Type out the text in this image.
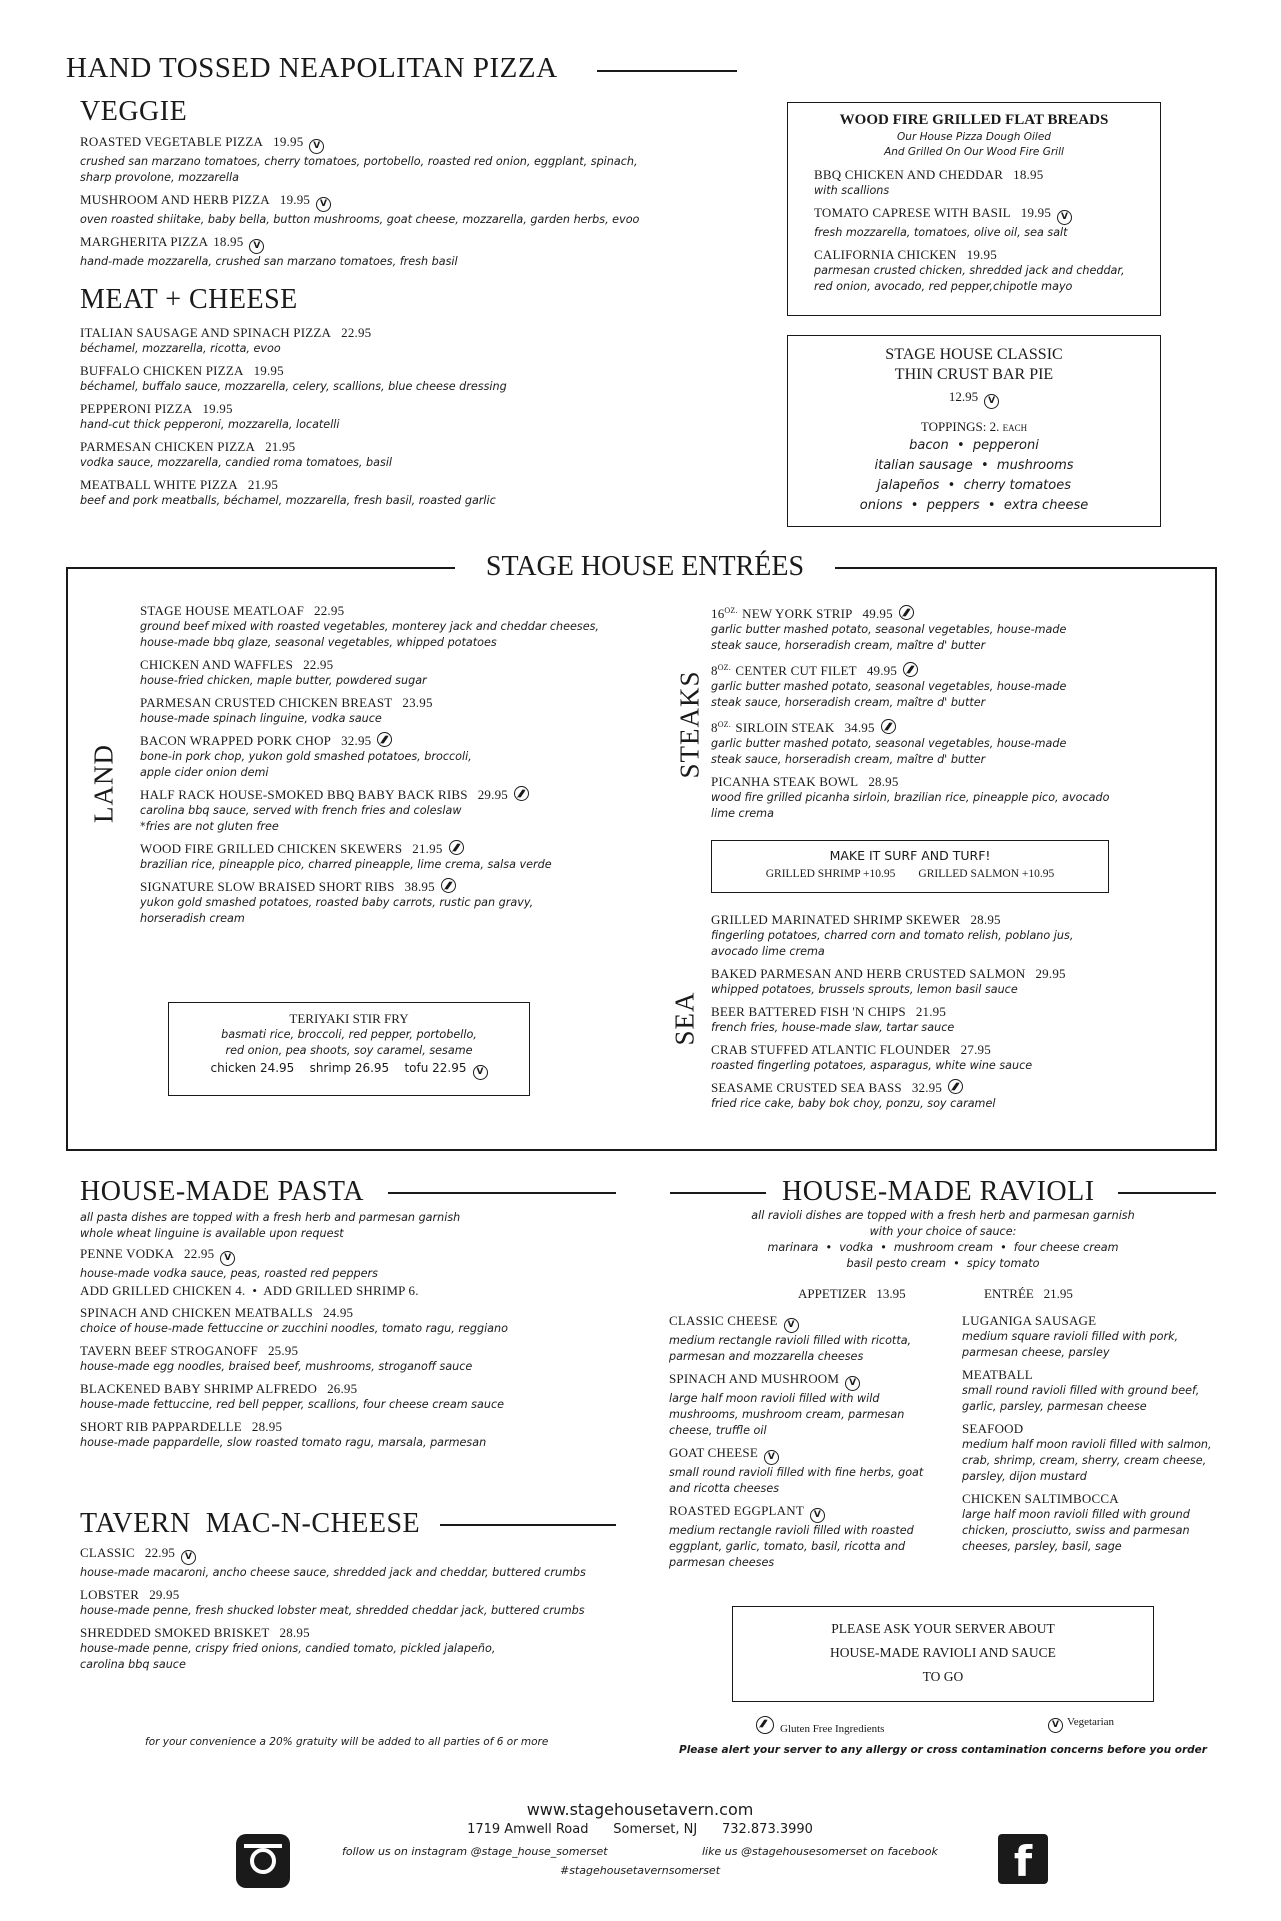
HAND TOSSED NEAPOLITAN PIZZA
VEGGIE
ROASTED VEGETABLE PIZZA 19.95 V
crushed san marzano tomatoes, cherry tomatoes, portobello, roasted red onion, eggplant, spinach, sharp provolone, mozzarella
MUSHROOM AND HERB PIZZA 19.95 V
oven roasted shiitake, baby bella, button mushrooms, goat cheese, mozzarella, garden herbs, evoo
MARGHERITA PIZZA 18.95 V
hand-made mozzarella, crushed san marzano tomatoes, fresh basil
MEAT + CHEESE
ITALIAN SAUSAGE AND SPINACH PIZZA 22.95
béchamel, mozzarella, ricotta, evoo
BUFFALO CHICKEN PIZZA 19.95
béchamel, buffalo sauce, mozzarella, celery, scallions, blue cheese dressing
PEPPERONI PIZZA 19.95
hand-cut thick pepperoni, mozzarella, locatelli
PARMESAN CHICKEN PIZZA 21.95
vodka sauce, mozzarella, candied roma tomatoes, basil
MEATBALL WHITE PIZZA 21.95
beef and pork meatballs, béchamel, mozzarella, fresh basil, roasted garlic
WOOD FIRE GRILLED FLAT BREADS
Our House Pizza Dough Oiled
And Grilled On Our Wood Fire Grill
BBQ CHICKEN AND CHEDDAR 18.95
with scallions
TOMATO CAPRESE WITH BASIL 19.95 V
fresh mozzarella, tomatoes, olive oil, sea salt
CALIFORNIA CHICKEN 19.95
parmesan crusted chicken, shredded jack and cheddar, red onion, avocado, red pepper,chipotle mayo
STAGE HOUSE CLASSIC
THIN CRUST BAR PIE
12.95 V
TOPPINGS: 2. EACH
bacon  •  pepperoni
italian sausage  •  mushrooms
jalapeños  •  cherry tomatoes
onions  •  peppers  •  extra cheese
STAGE HOUSE ENTRÉES
LAND
STEAKS
SEA
STAGE HOUSE MEATLOAF 22.95
ground beef mixed with roasted vegetables, monterey jack and cheddar cheeses, house-made bbq glaze, seasonal vegetables, whipped potatoes
CHICKEN AND WAFFLES 22.95
house-fried chicken, maple butter, powdered sugar
PARMESAN CRUSTED CHICKEN BREAST 23.95
house-made spinach linguine, vodka sauce
BACON WRAPPED PORK CHOP 32.95
bone-in pork chop, yukon gold smashed potatoes, broccoli, apple cider onion demi
HALF RACK HOUSE-SMOKED BBQ BABY BACK RIBS 29.95
carolina bbq sauce, served with french fries and coleslaw
*fries are not gluten free
WOOD FIRE GRILLED CHICKEN SKEWERS 21.95
brazilian rice, pineapple pico, charred pineapple, lime crema, salsa verde
SIGNATURE SLOW BRAISED SHORT RIBS 38.95
yukon gold smashed potatoes, roasted baby carrots, rustic pan gravy, horseradish cream
TERIYAKI STIR FRY
basmati rice, broccoli, red pepper, portobello,
red onion, pea shoots, soy caramel, sesame
chicken 24.95 shrimp 26.95 tofu 22.95 V
$16^{OZ.}$ NEW YORK STRIP 49.95
garlic butter mashed potato, seasonal vegetables, house-made steak sauce, horseradish cream, maître d' butter
$8^{OZ.}$ CENTER CUT FILET 49.95
garlic butter mashed potato, seasonal vegetables, house-made steak sauce, horseradish cream, maître d' butter
$8^{OZ.}$ SIRLOIN STEAK 34.95
garlic butter mashed potato, seasonal vegetables, house-made steak sauce, horseradish cream, maître d' butter
PICANHA STEAK BOWL 28.95
wood fire grilled picanha sirloin, brazilian rice, pineapple pico, avocado lime crema
MAKE IT SURF AND TURF!
GRILLED SHRIMP +10.95 GRILLED SALMON +10.95
GRILLED MARINATED SHRIMP SKEWER 28.95
fingerling potatoes, charred corn and tomato relish, poblano jus, avocado lime crema
BAKED PARMESAN AND HERB CRUSTED SALMON 29.95
whipped potatoes, brussels sprouts, lemon basil sauce
BEER BATTERED FISH 'N CHIPS 21.95
french fries, house-made slaw, tartar sauce
CRAB STUFFED ATLANTIC FLOUNDER 27.95
roasted fingerling potatoes, asparagus, white wine sauce
SEASAME CRUSTED SEA BASS 32.95
fried rice cake, baby bok choy, ponzu, soy caramel
HOUSE-MADE PASTA
all pasta dishes are topped with a fresh herb and parmesan garnish
whole wheat linguine is available upon request
PENNE VODKA 22.95 V
house-made vodka sauce, peas, roasted red peppers
ADD GRILLED CHICKEN 4.  •  ADD GRILLED SHRIMP 6.
SPINACH AND CHICKEN MEATBALLS 24.95
choice of house-made fettuccine or zucchini noodles, tomato ragu, reggiano
TAVERN BEEF STROGANOFF 25.95
house-made egg noodles, braised beef, mushrooms, stroganoff sauce
BLACKENED BABY SHRIMP ALFREDO 26.95
house-made fettuccine, red bell pepper, scallions, four cheese cream sauce
SHORT RIB PAPPARDELLE 28.95
house-made pappardelle, slow roasted tomato ragu, marsala, parmesan
TAVERN  MAC-N-CHEESE
CLASSIC 22.95 V
house-made macaroni, ancho cheese sauce, shredded jack and cheddar, buttered crumbs
LOBSTER 29.95
house-made penne, fresh shucked lobster meat, shredded cheddar jack, buttered crumbs
SHREDDED SMOKED BRISKET 28.95
house-made penne, crispy fried onions, candied tomato, pickled jalapeño, carolina bbq sauce
for your convenience a 20% gratuity will be added to all parties of 6 or more
HOUSE-MADE RAVIOLI
all ravioli dishes are topped with a fresh herb and parmesan garnish
with your choice of sauce:
marinara  •  vodka  •  mushroom cream  •  four cheese cream
basil pesto cream  •  spicy tomato
APPETIZER   13.95	ENTRÉE   21.95
CLASSIC CHEESE V
medium rectangle ravioli filled with ricotta, parmesan and mozzarella cheeses
SPINACH AND MUSHROOM V
large half moon ravioli filled with wild mushrooms, mushroom cream, parmesan cheese, truffle oil
GOAT CHEESE V
small round ravioli filled with fine herbs, goat and ricotta cheeses
ROASTED EGGPLANT V
medium rectangle ravioli filled with roasted eggplant, garlic, tomato, basil, ricotta and parmesan cheeses
LUGANIGA SAUSAGE
medium square ravioli filled with pork, parmesan cheese, parsley
MEATBALL
small round ravioli filled with ground beef, garlic, parsley, parmesan cheese
SEAFOOD
medium half moon ravioli filled with salmon, crab, shrimp, cream, sherry, cream cheese, parsley, dijon mustard
CHICKEN SALTIMBOCCA
large half moon ravioli filled with ground chicken, prosciutto, swiss and parmesan cheeses, parsley, basil, sage
PLEASE ASK YOUR SERVER ABOUT
HOUSE-MADE RAVIOLI AND SAUCE
TO GO
Gluten Free Ingredients	V Vegetarian
Please alert your server to any allergy or cross contamination concerns before you order
www.stagehousetavern.com
1719 Amwell Road Somerset, NJ 732.873.3990
follow us on instagram @stage_house_somerset	like us @stagehousesomerset on facebook
#stagehousetavernsomerset	f
